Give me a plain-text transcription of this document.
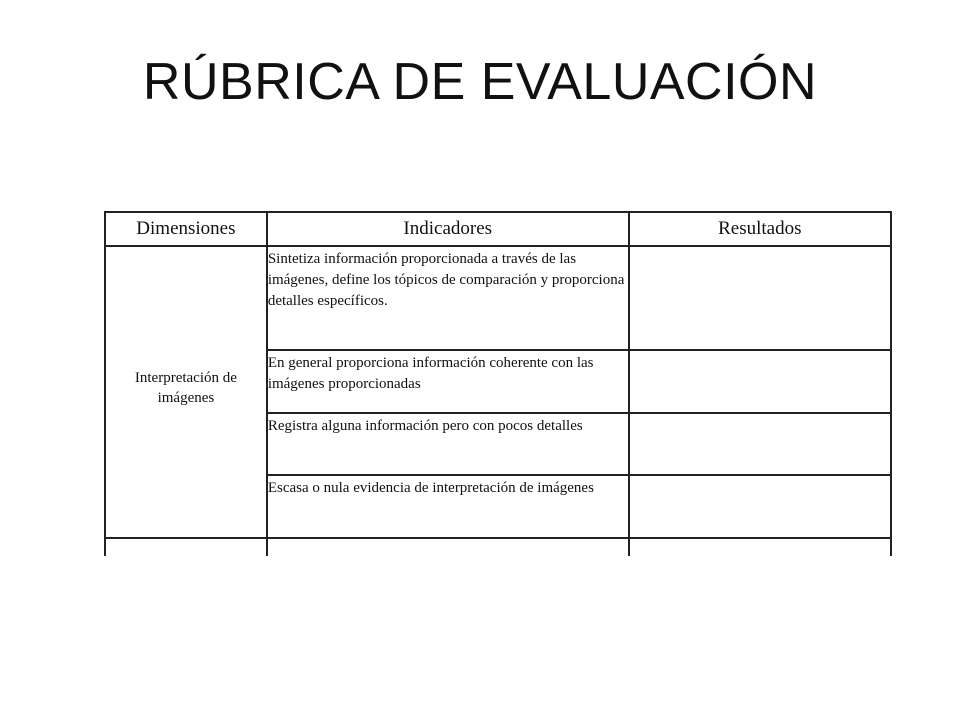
RÚBRICA DE EVALUACIÓN
Dimensiones	Indicadores	Resultados

Interpretación de imágenes	Sintetiza información proporcionada a través de las imágenes, define los tópicos de comparación y proporciona detalles específicos.	

	En general proporciona información coherente con las imágenes proporcionadas	

	Registra alguna información pero con pocos detalles	

	Escasa o nula evidencia de interpretación de imágenes	
